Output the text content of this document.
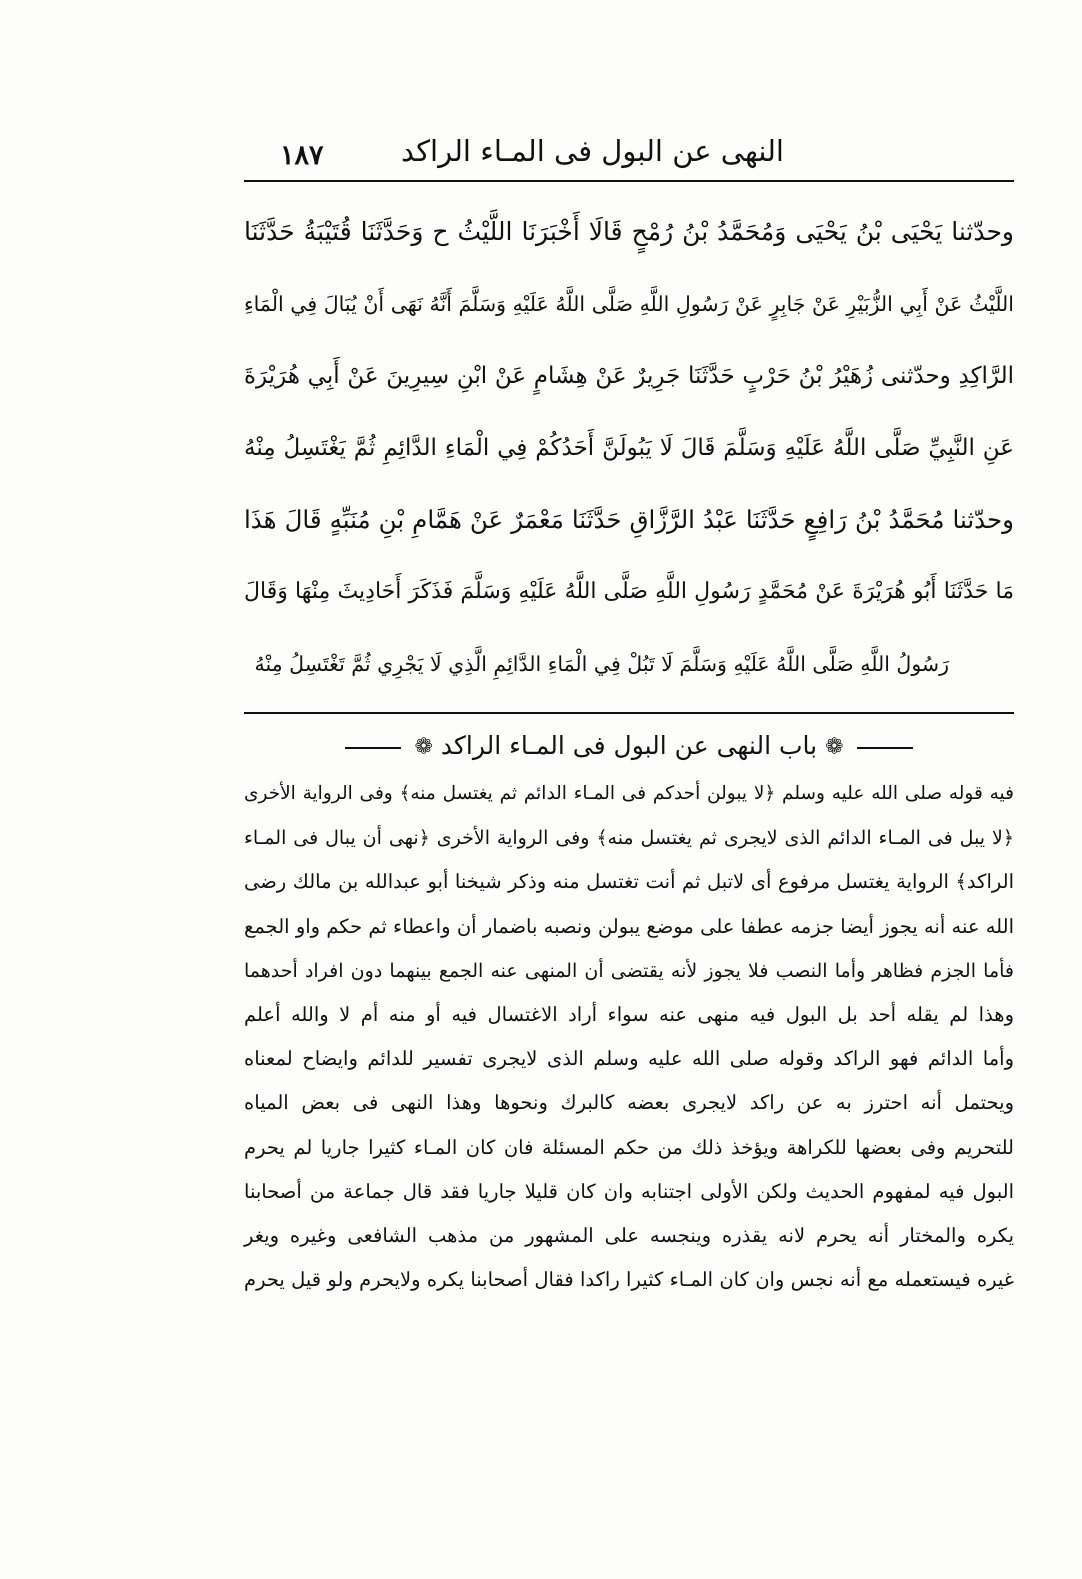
١٨٧	النهى عن البول فى المـاء الراكد
وحدّثنا يَحْيَى بْنُ يَحْيَى وَمُحَمَّدُ بْنُ رُمْحٍ قَالَا أَخْبَرَنَا اللَّيْثُ ح وَحَدَّثَنَا قُتَيْبَةُ حَدَّثَنَا
اللَّيْثُ عَنْ أَبِي الزُّبَيْرِ عَنْ جَابِرٍ عَنْ رَسُولِ اللَّهِ صَلَّى اللَّهُ عَلَيْهِ وَسَلَّمَ أَنَّهُ نَهَى أَنْ يُبَالَ فِي الْمَاءِ
الرَّاكِدِ وحدّثنى زُهَيْرُ بْنُ حَرْبٍ حَدَّثَنَا جَرِيرٌ عَنْ هِشَامٍ عَنْ ابْنِ سِيرِينَ عَنْ أَبِي هُرَيْرَةَ
عَنِ النَّبِيِّ صَلَّى اللَّهُ عَلَيْهِ وَسَلَّمَ قَالَ لَا يَبُولَنَّ أَحَدُكُمْ فِي الْمَاءِ الدَّائِمِ ثُمَّ يَغْتَسِلُ مِنْهُ
وحدّثنا مُحَمَّدُ بْنُ رَافِعٍ حَدَّثَنَا عَبْدُ الرَّزَّاقِ حَدَّثَنَا مَعْمَرٌ عَنْ هَمَّامِ بْنِ مُنَبِّهٍ قَالَ هَذَا
مَا حَدَّثَنَا أَبُو هُرَيْرَةَ عَنْ مُحَمَّدٍ رَسُولِ اللَّهِ صَلَّى اللَّهُ عَلَيْهِ وَسَلَّمَ فَذَكَرَ أَحَادِيثَ مِنْهَا وَقَالَ
رَسُولُ اللَّهِ صَلَّى اللَّهُ عَلَيْهِ وَسَلَّمَ لَا تَبُلْ فِي الْمَاءِ الدَّائِمِ الَّذِي لَا يَجْرِي ثُمَّ تَغْتَسِلُ مِنْهُ
❁ باب النهى عن البول فى المـاء الراكد ❁
فيه قوله صلى الله عليه وسلم ﴿لا يبولن أحدكم فى المـاء الدائم ثم يغتسل منه﴾ وفى الرواية الأخرى
﴿لا يبل فى المـاء الدائم الذى لايجرى ثم يغتسل منه﴾ وفى الرواية الأخرى ﴿نهى أن يبال فى المـاء
الراكد﴾ الرواية يغتسل مرفوع أى لاتبل ثم أنت تغتسل منه وذكر شيخنا أبو عبدالله بن مالك رضى
الله عنه أنه يجوز أيضا جزمه عطفا على موضع يبولن ونصبه باضمار أن واعطاء ثم حكم واو الجمع
فأما الجزم فظاهر وأما النصب فلا يجوز لأنه يقتضى أن المنهى عنه الجمع بينهما دون افراد أحدهما
وهذا لم يقله أحد بل البول فيه منهى عنه سواء أراد الاغتسال فيه أو منه أم لا والله أعلم
وأما الدائم فهو الراكد وقوله صلى الله عليه وسلم الذى لايجرى تفسير للدائم وايضاح لمعناه
ويحتمل أنه احترز به عن راكد لايجرى بعضه كالبرك ونحوها وهذا النهى فى بعض المياه
للتحريم وفى بعضها للكراهة ويؤخذ ذلك من حكم المسئلة فان كان المـاء كثيرا جاريا لم يحرم
البول فيه لمفهوم الحديث ولكن الأولى اجتنابه وان كان قليلا جاريا فقد قال جماعة من أصحابنا
يكره والمختار أنه يحرم لانه يقذره وينجسه على المشهور من مذهب الشافعى وغيره ويغر
غيره فيستعمله مع أنه نجس وان كان المـاء كثيرا راكدا فقال أصحابنا يكره ولايحرم ولو قيل يحرم
